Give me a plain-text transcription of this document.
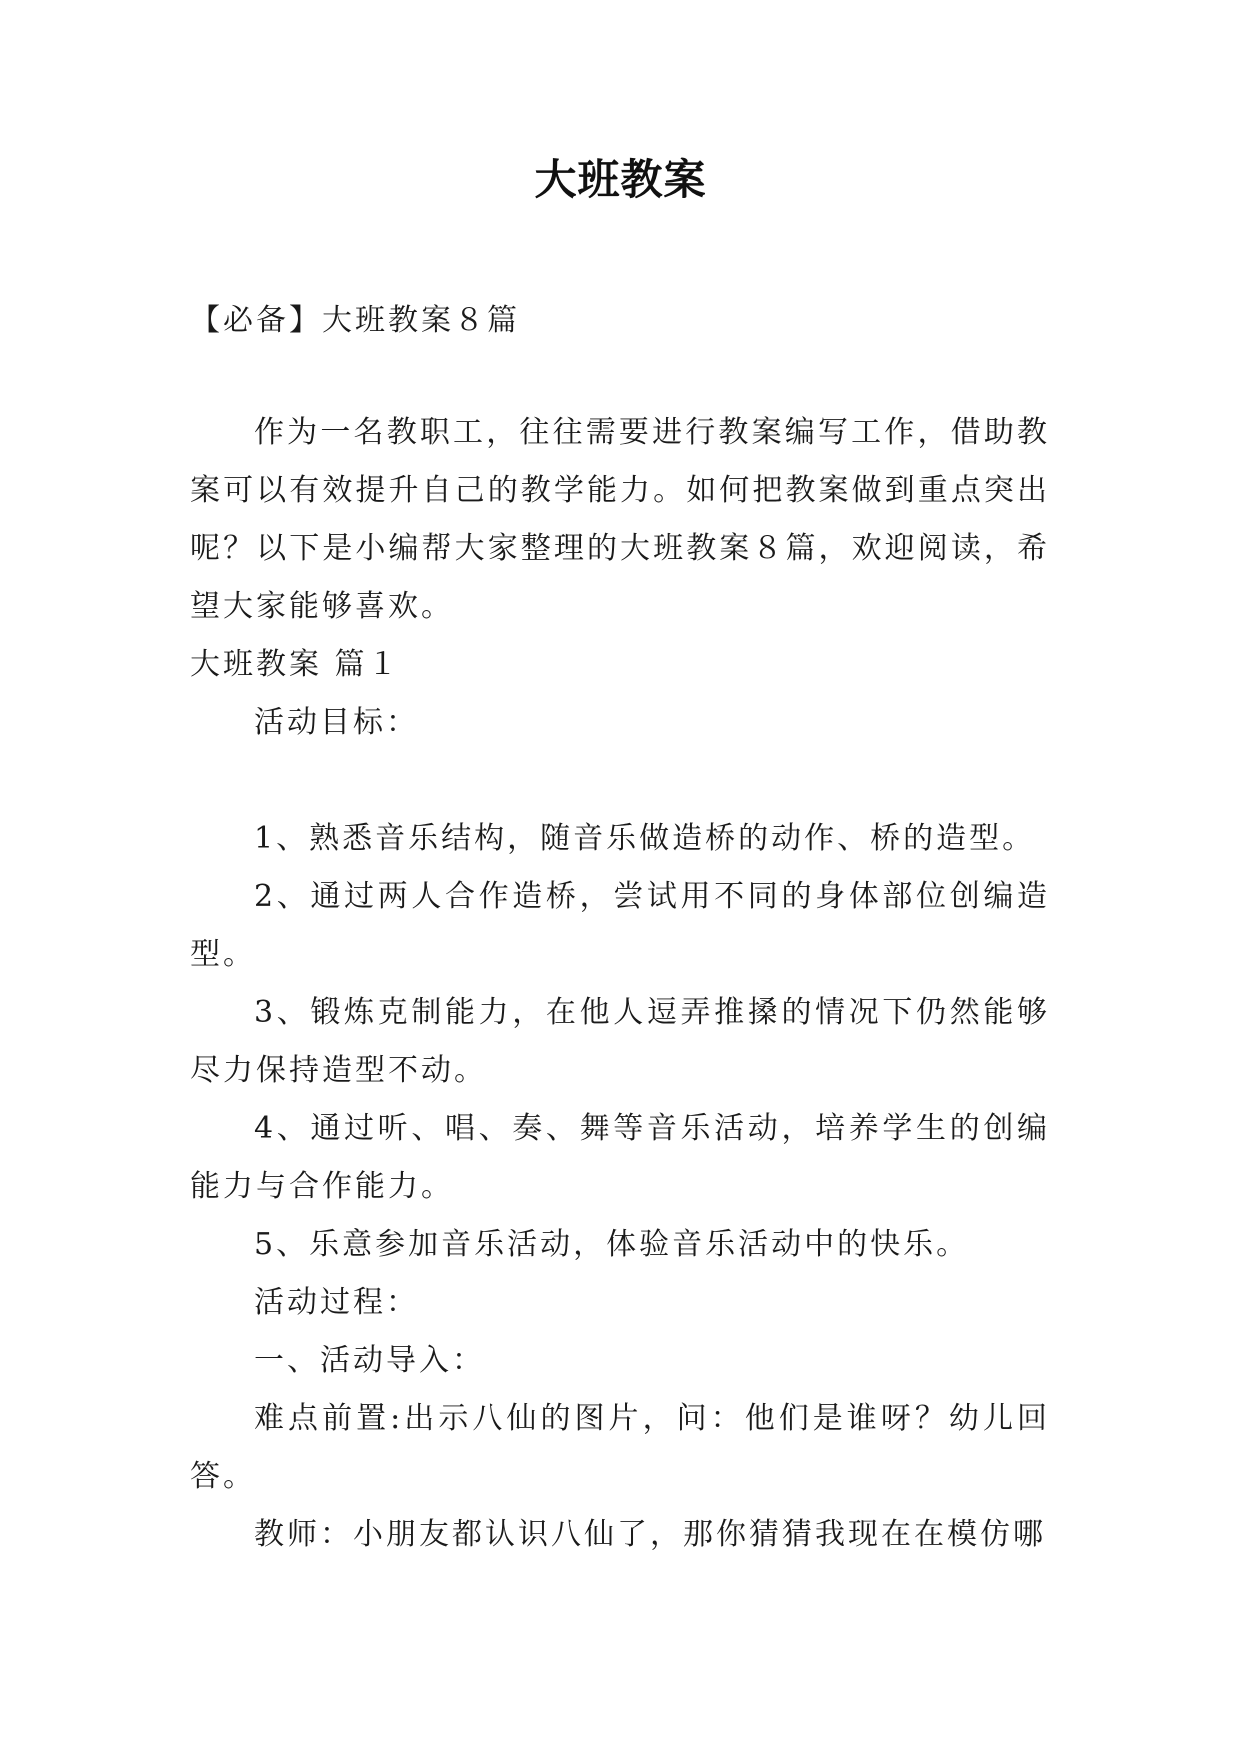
大班教案

【必备】大班教案８篇

作为一名教职工，往往需要进行教案编写工作，借助教案可以有效提升自己的教学能力。如何把教案做到重点突出呢？以下是小编帮大家整理的大班教案８篇，欢迎阅读，希望大家能够喜欢。

大班教案 篇１

活动目标：

1、熟悉音乐结构，随音乐做造桥的动作、桥的造型。

2、通过两人合作造桥，尝试用不同的身体部位创编造型。

3、锻炼克制能力，在他人逗弄推搡的情况下仍然能够尽力保持造型不动。

4、通过听、唱、奏、舞等音乐活动，培养学生的创编能力与合作能力。

5、乐意参加音乐活动，体验音乐活动中的快乐。

活动过程：

一、活动导入：

难点前置:出示八仙的图片，问：他们是谁呀？幼儿回答。

教师：小朋友都认识八仙了，那你猜猜我现在在模仿哪
